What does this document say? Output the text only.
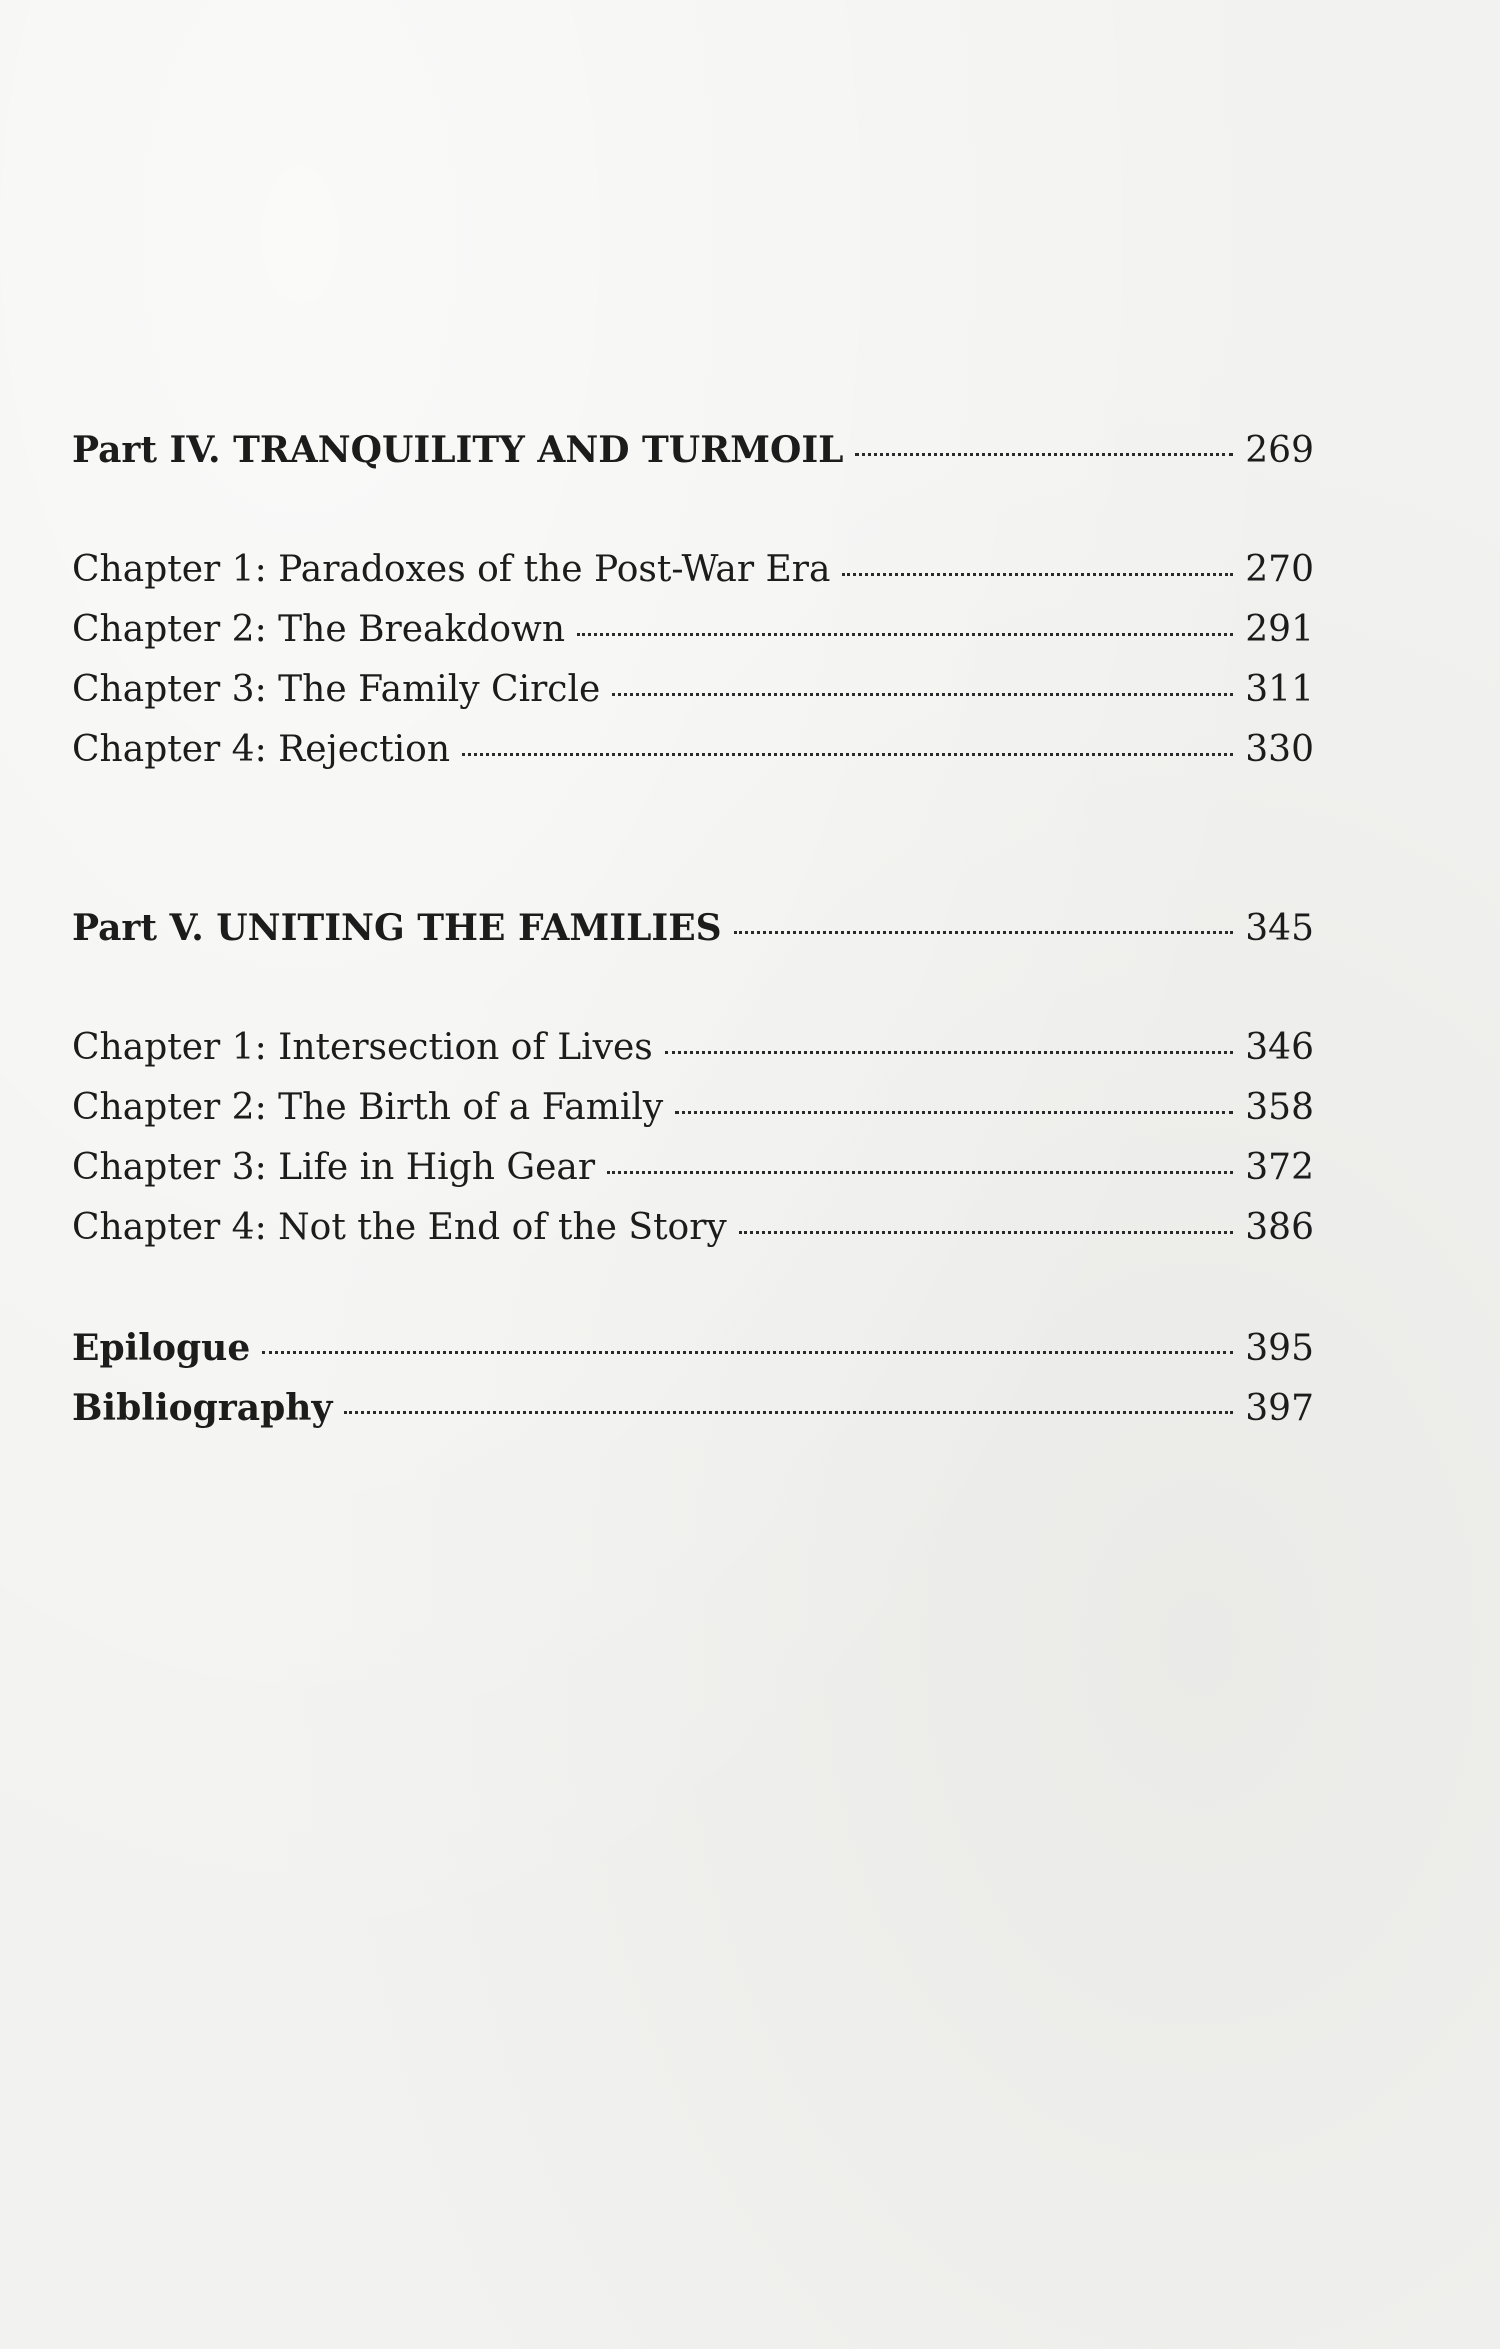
Part IV. TRANQUILITY AND TURMOIL	269
Chapter 1: Paradoxes of the Post-War Era	270
Chapter 2: The Breakdown	291
Chapter 3: The Family Circle	311
Chapter 4: Rejection	330
Part V. UNITING THE FAMILIES	345
Chapter 1: Intersection of Lives	346
Chapter 2: The Birth of a Family	358
Chapter 3: Life in High Gear	372
Chapter 4: Not the End of the Story	386
Epilogue	395
Bibliography	397
